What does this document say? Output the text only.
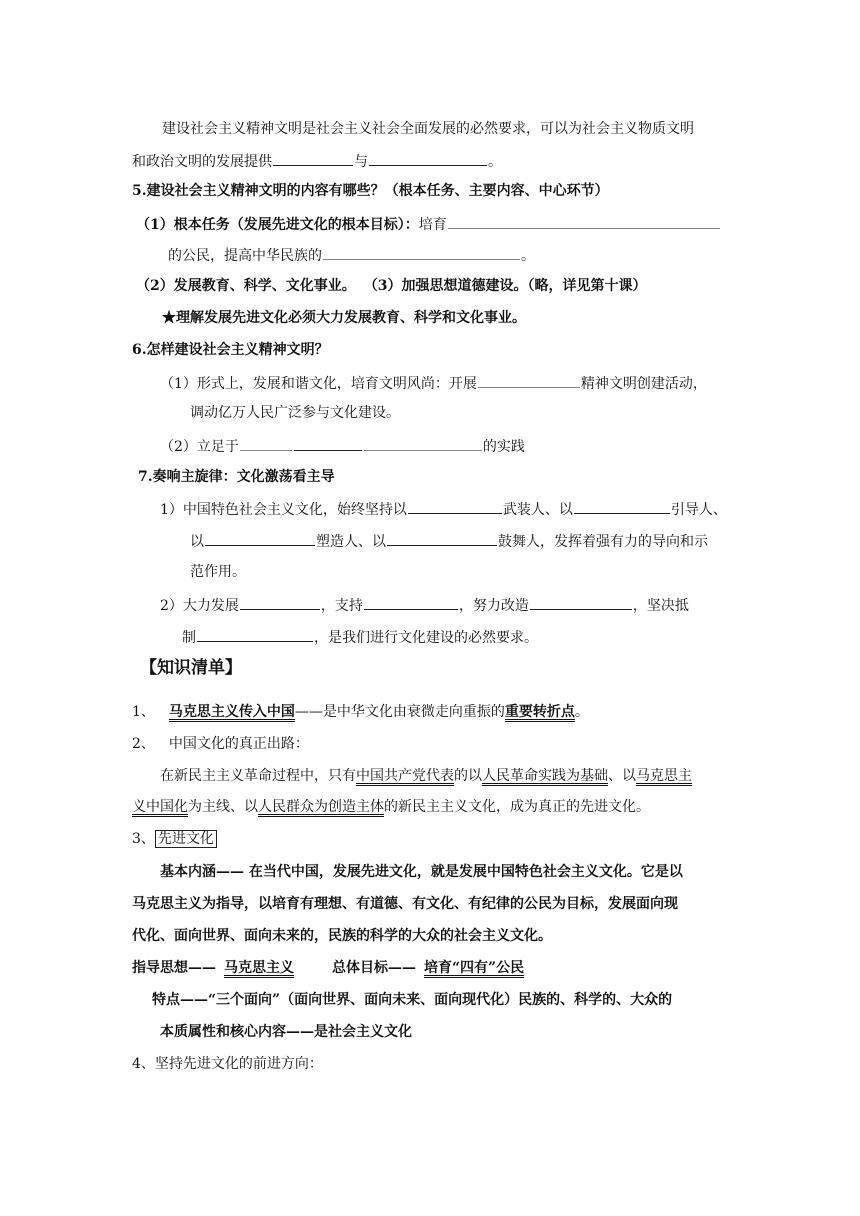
建设社会主义精神文明是社会主义社会全面发展的必然要求，可以为社会主义物质文明
和政治文明的发展提供	与	。
5.建设社会主义精神文明的内容有哪些？（根本任务、主要内容、中心环节）
（1）根本任务（发展先进文化的根本目标）：培育
的公民，提高中华民族的	。
（2）发展教育、科学、文化事业。 （3）加强思想道德建设。（略，详见第十课）
★理解发展先进文化必须大力发展教育、科学和文化事业。
6.怎样建设社会主义精神文明？
（1）形式上，发展和谐文化，培育文明风尚：开展	精神文明创建活动，
调动亿万人民广泛参与文化建设。
（2）立足于	的实践
7.奏响主旋律：文化激荡看主导
1）中国特色社会主义文化，始终坚持以	武装人、以	引导人、
以	塑造人、以	鼓舞人，发挥着强有力的导向和示
范作用。
2）大力发展	，支持	，努力改造	，坚决抵
制	，是我们进行文化建设的必然要求。
【知识清单】
1、 马克思主义传入中国——是中华文化由衰微走向重振的重要转折点。
2、 中国文化的真正出路：
在新民主主义革命过程中，只有中国共产党代表的以人民革命实践为基础、以马克思主
义中国化为主线、以人民群众为创造主体的新民主主义文化，成为真正的先进文化。
3、 先进文化
基本内涵—— 在当代中国，发展先进文化，就是发展中国特色社会主义文化。它是以
马克思主义为指导，以培育有理想、有道德、有文化、有纪律的公民为目标，发展面向现
代化、面向世界、面向未来的，民族的科学的大众的社会主义文化。
指导思想—— 马克思主义	总体目标—— 培育“四有”公民
特点——“三个面向”（面向世界、面向未来、面向现代化）民族的、科学的、大众的
本质属性和核心内容——是社会主义文化
4、坚持先进文化的前进方向：
